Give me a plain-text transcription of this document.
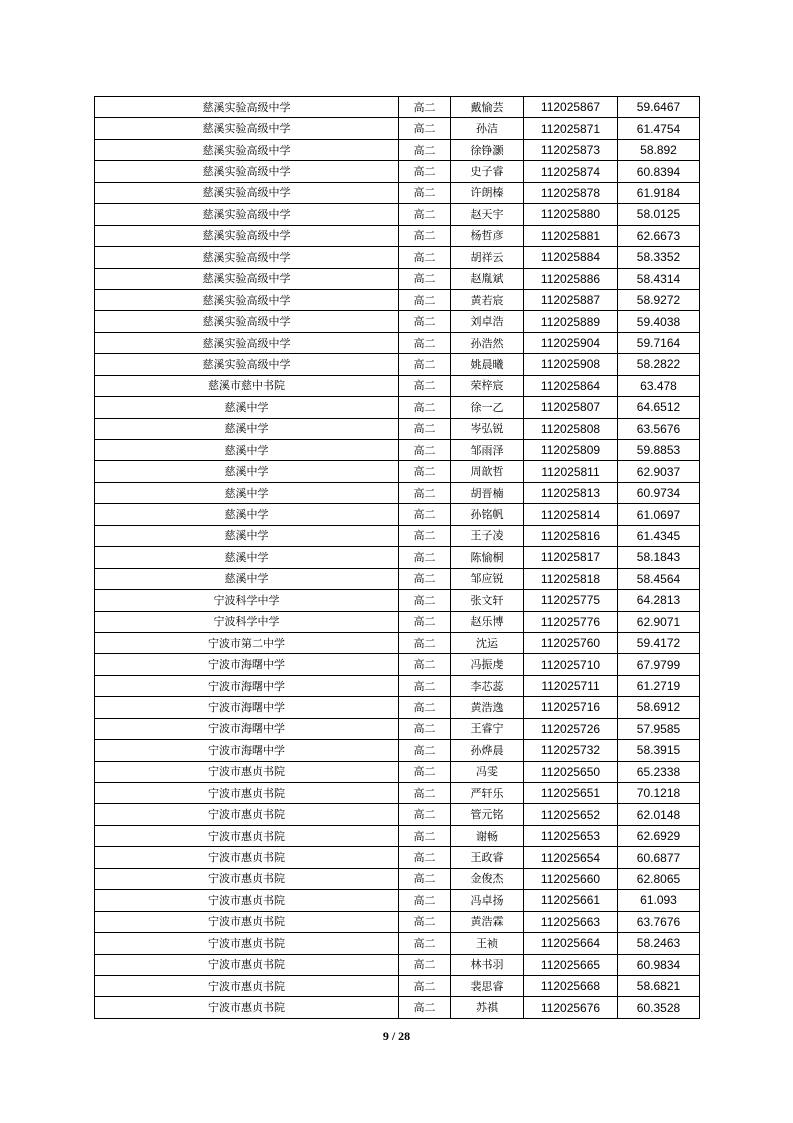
慈溪实验高级中学	高二	戴愉芸	112025867	59.6467
慈溪实验高级中学	高二	孙洁	112025871	61.4754
慈溪实验高级中学	高二	徐铮灏	112025873	58.892
慈溪实验高级中学	高二	史子睿	112025874	60.8394
慈溪实验高级中学	高二	许朗榛	112025878	61.9184
慈溪实验高级中学	高二	赵天宇	112025880	58.0125
慈溪实验高级中学	高二	杨哲彦	112025881	62.6673
慈溪实验高级中学	高二	胡祥云	112025884	58.3352
慈溪实验高级中学	高二	赵胤斌	112025886	58.4314
慈溪实验高级中学	高二	黄若宸	112025887	58.9272
慈溪实验高级中学	高二	刘卓浩	112025889	59.4038
慈溪实验高级中学	高二	孙浩然	112025904	59.7164
慈溪实验高级中学	高二	姚晨曦	112025908	58.2822
慈溪市慈中书院	高二	荣梓宸	112025864	63.478
慈溪中学	高二	徐一乙	112025807	64.6512
慈溪中学	高二	岑弘锐	112025808	63.5676
慈溪中学	高二	邹雨泽	112025809	59.8853
慈溪中学	高二	周歆哲	112025811	62.9037
慈溪中学	高二	胡晋楠	112025813	60.9734
慈溪中学	高二	孙铭帆	112025814	61.0697
慈溪中学	高二	王子凌	112025816	61.4345
慈溪中学	高二	陈愉桐	112025817	58.1843
慈溪中学	高二	邹应锐	112025818	58.4564
宁波科学中学	高二	张文轩	112025775	64.2813
宁波科学中学	高二	赵乐博	112025776	62.9071
宁波市第二中学	高二	沈运	112025760	59.4172
宁波市海曙中学	高二	冯振虔	112025710	67.9799
宁波市海曙中学	高二	李芯蕊	112025711	61.2719
宁波市海曙中学	高二	黄浩逸	112025716	58.6912
宁波市海曙中学	高二	王睿宁	112025726	57.9585
宁波市海曙中学	高二	孙烨晨	112025732	58.3915
宁波市惠贞书院	高二	冯雯	112025650	65.2338
宁波市惠贞书院	高二	严轩乐	112025651	70.1218
宁波市惠贞书院	高二	管元铭	112025652	62.0148
宁波市惠贞书院	高二	谢畅	112025653	62.6929
宁波市惠贞书院	高二	王政睿	112025654	60.6877
宁波市惠贞书院	高二	金俊杰	112025660	62.8065
宁波市惠贞书院	高二	冯卓扬	112025661	61.093
宁波市惠贞书院	高二	黄浩霖	112025663	63.7676
宁波市惠贞书院	高二	王祯	112025664	58.2463
宁波市惠贞书院	高二	林书羽	112025665	60.9834
宁波市惠贞书院	高二	裴思睿	112025668	58.6821
宁波市惠贞书院	高二	苏祺	112025676	60.3528
9 / 28
